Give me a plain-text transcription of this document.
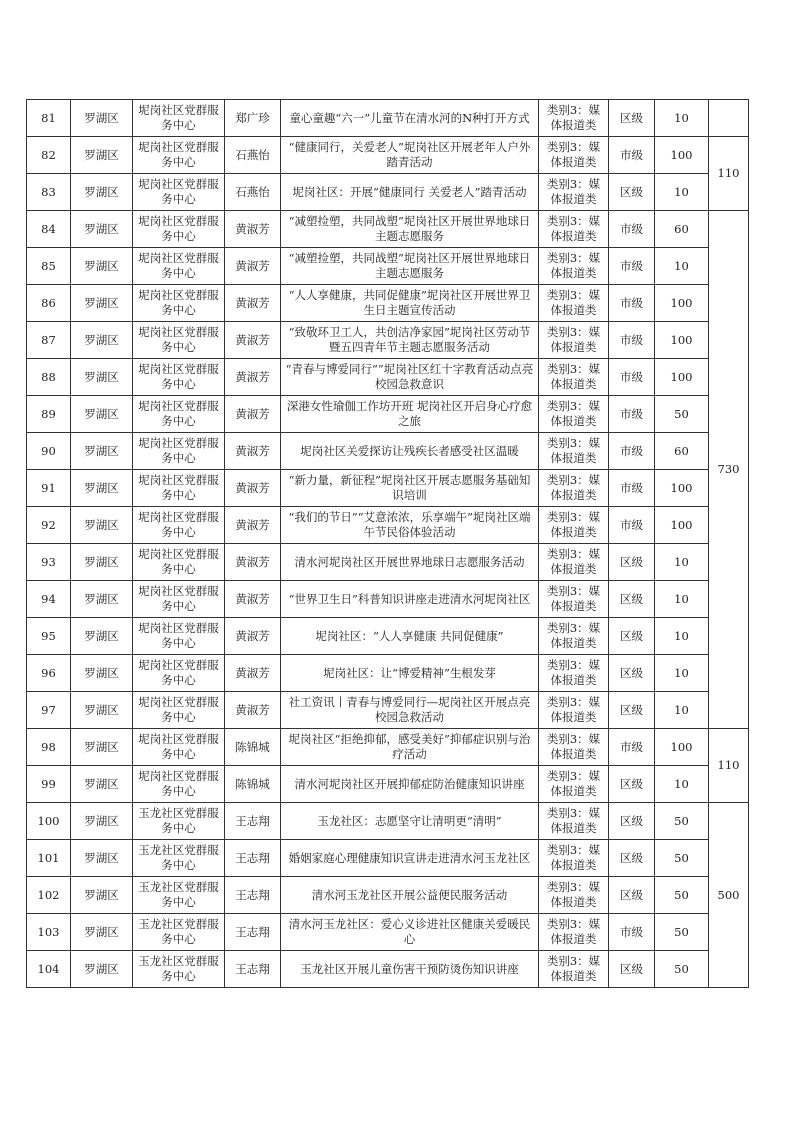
81	罗湖区	坭岗社区党群服务中心	郑广珍	童心童趣“六一”儿童节在清水河的N种打开方式	类别3：媒体报道类	区级	10	
82	罗湖区	坭岗社区党群服务中心	石燕怡	“健康同行，关爱老人”坭岗社区开展老年人户外踏青活动	类别3：媒体报道类	市级	100	110
83	罗湖区	坭岗社区党群服务中心	石燕怡	坭岗社区：开展“健康同行 关爱老人”踏青活动	类别3：媒体报道类	区级	10	
84	罗湖区	坭岗社区党群服务中心	黄淑芳	“减塑捡塑，共同战塑”坭岗社区开展世界地球日主题志愿服务	类别3：媒体报道类	市级	60	730
85	罗湖区	坭岗社区党群服务中心	黄淑芳	“减塑捡塑，共同战塑”坭岗社区开展世界地球日主题志愿服务	类别3：媒体报道类	市级	10	
86	罗湖区	坭岗社区党群服务中心	黄淑芳	“人人享健康，共同促健康”坭岗社区开展世界卫生日主题宣传活动	类别3：媒体报道类	市级	100	
87	罗湖区	坭岗社区党群服务中心	黄淑芳	“致敬环卫工人，共创洁净家园”坭岗社区劳动节暨五四青年节主题志愿服务活动	类别3：媒体报道类	市级	100	
88	罗湖区	坭岗社区党群服务中心	黄淑芳	“青春与博爱同行“”坭岗社区红十字教育活动点亮校园急救意识	类别3：媒体报道类	市级	100	
89	罗湖区	坭岗社区党群服务中心	黄淑芳	深港女性瑜伽工作坊开班 坭岗社区开启身心疗愈之旅	类别3：媒体报道类	市级	50	
90	罗湖区	坭岗社区党群服务中心	黄淑芳	坭岗社区关爱探访让残疾长者感受社区温暖	类别3：媒体报道类	市级	60	
91	罗湖区	坭岗社区党群服务中心	黄淑芳	“新力量，新征程”坭岗社区开展志愿服务基础知识培训	类别3：媒体报道类	市级	100	
92	罗湖区	坭岗社区党群服务中心	黄淑芳	“我们的节日”“艾意浓浓，乐享端午”坭岗社区端午节民俗体验活动	类别3：媒体报道类	市级	100	
93	罗湖区	坭岗社区党群服务中心	黄淑芳	清水河坭岗社区开展世界地球日志愿服务活动	类别3：媒体报道类	区级	10	
94	罗湖区	坭岗社区党群服务中心	黄淑芳	“世界卫生日”科普知识讲座走进清水河坭岗社区	类别3：媒体报道类	区级	10	
95	罗湖区	坭岗社区党群服务中心	黄淑芳	坭岗社区：“人人享健康 共同促健康”	类别3：媒体报道类	区级	10	
96	罗湖区	坭岗社区党群服务中心	黄淑芳	坭岗社区：让“博爱精神”生根发芽	类别3：媒体报道类	区级	10	
97	罗湖区	坭岗社区党群服务中心	黄淑芳	社工资讯丨青春与博爱同行—坭岗社区开展点亮校园急救活动	类别3：媒体报道类	区级	10	
98	罗湖区	坭岗社区党群服务中心	陈锦城	坭岗社区“拒绝抑郁，感受美好”抑郁症识别与治疗活动	类别3：媒体报道类	市级	100	110
99	罗湖区	坭岗社区党群服务中心	陈锦城	清水河坭岗社区开展抑郁症防治健康知识讲座	类别3：媒体报道类	区级	10	
100	罗湖区	玉龙社区党群服务中心	王志翔	玉龙社区：志愿坚守让清明更“清明”	类别3：媒体报道类	区级	50	500
101	罗湖区	玉龙社区党群服务中心	王志翔	婚姻家庭心理健康知识宣讲走进清水河玉龙社区	类别3：媒体报道类	区级	50	
102	罗湖区	玉龙社区党群服务中心	王志翔	清水河玉龙社区开展公益便民服务活动	类别3：媒体报道类	区级	50	
103	罗湖区	玉龙社区党群服务中心	王志翔	清水河玉龙社区：爱心义诊进社区健康关爱暖民心	类别3：媒体报道类	市级	50	
104	罗湖区	玉龙社区党群服务中心	王志翔	玉龙社区开展儿童伤害干预防烫伤知识讲座	类别3：媒体报道类	区级	50	
